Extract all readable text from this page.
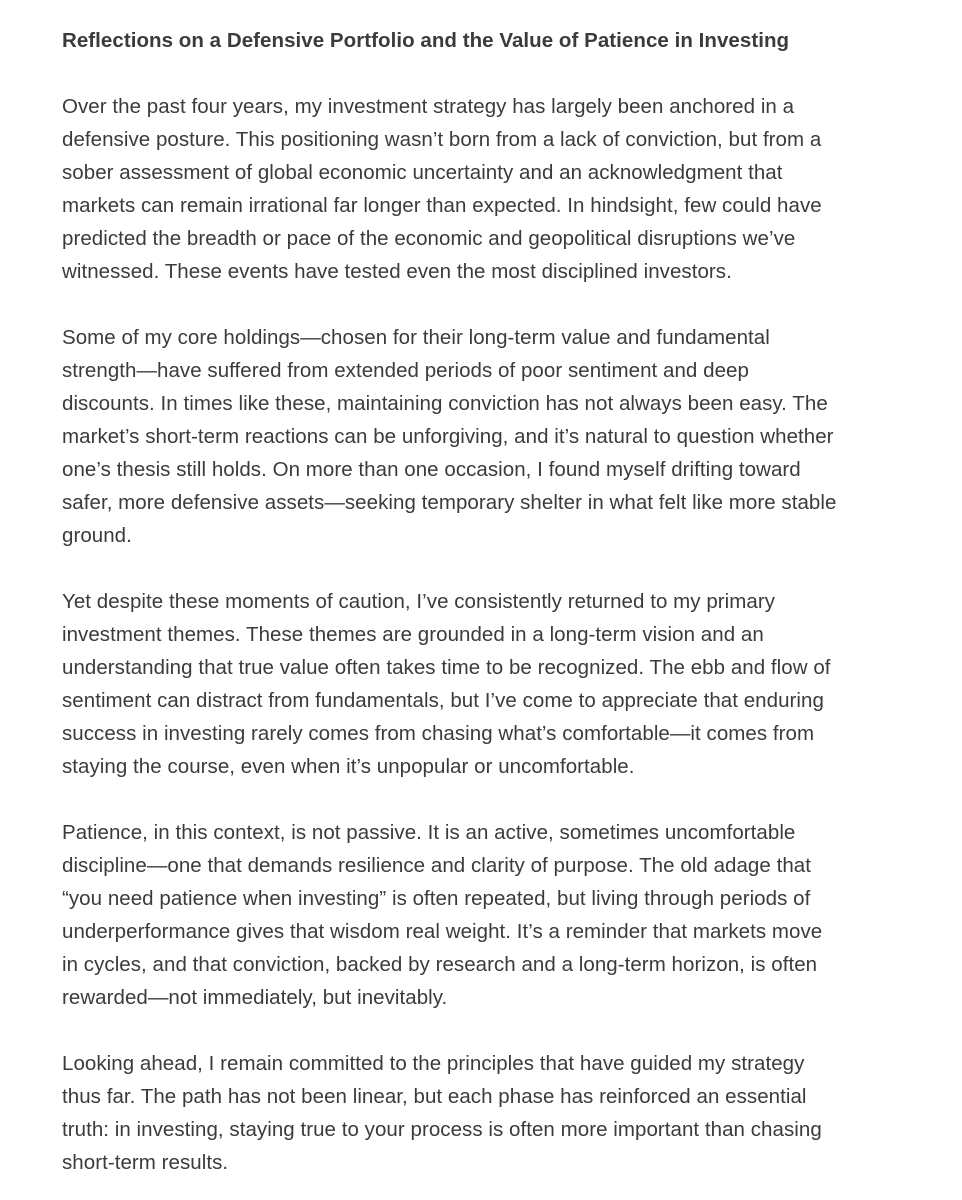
Reflections on a Defensive Portfolio and the Value of Patience in Investing

Over the past four years, my investment strategy has largely been anchored in a
defensive posture. This positioning wasn’t born from a lack of conviction, but from a
sober assessment of global economic uncertainty and an acknowledgment that
markets can remain irrational far longer than expected. In hindsight, few could have
predicted the breadth or pace of the economic and geopolitical disruptions we’ve
witnessed. These events have tested even the most disciplined investors.

Some of my core holdings—chosen for their long-term value and fundamental
strength—have suffered from extended periods of poor sentiment and deep
discounts. In times like these, maintaining conviction has not always been easy. The
market’s short-term reactions can be unforgiving, and it’s natural to question whether
one’s thesis still holds. On more than one occasion, I found myself drifting toward
safer, more defensive assets—seeking temporary shelter in what felt like more stable
ground.

Yet despite these moments of caution, I’ve consistently returned to my primary
investment themes. These themes are grounded in a long-term vision and an
understanding that true value often takes time to be recognized. The ebb and flow of
sentiment can distract from fundamentals, but I’ve come to appreciate that enduring
success in investing rarely comes from chasing what’s comfortable—it comes from
staying the course, even when it’s unpopular or uncomfortable.

Patience, in this context, is not passive. It is an active, sometimes uncomfortable
discipline—one that demands resilience and clarity of purpose. The old adage that
“you need patience when investing” is often repeated, but living through periods of
underperformance gives that wisdom real weight. It’s a reminder that markets move
in cycles, and that conviction, backed by research and a long-term horizon, is often
rewarded—not immediately, but inevitably.

Looking ahead, I remain committed to the principles that have guided my strategy
thus far. The path has not been linear, but each phase has reinforced an essential
truth: in investing, staying true to your process is often more important than chasing
short-term results.
